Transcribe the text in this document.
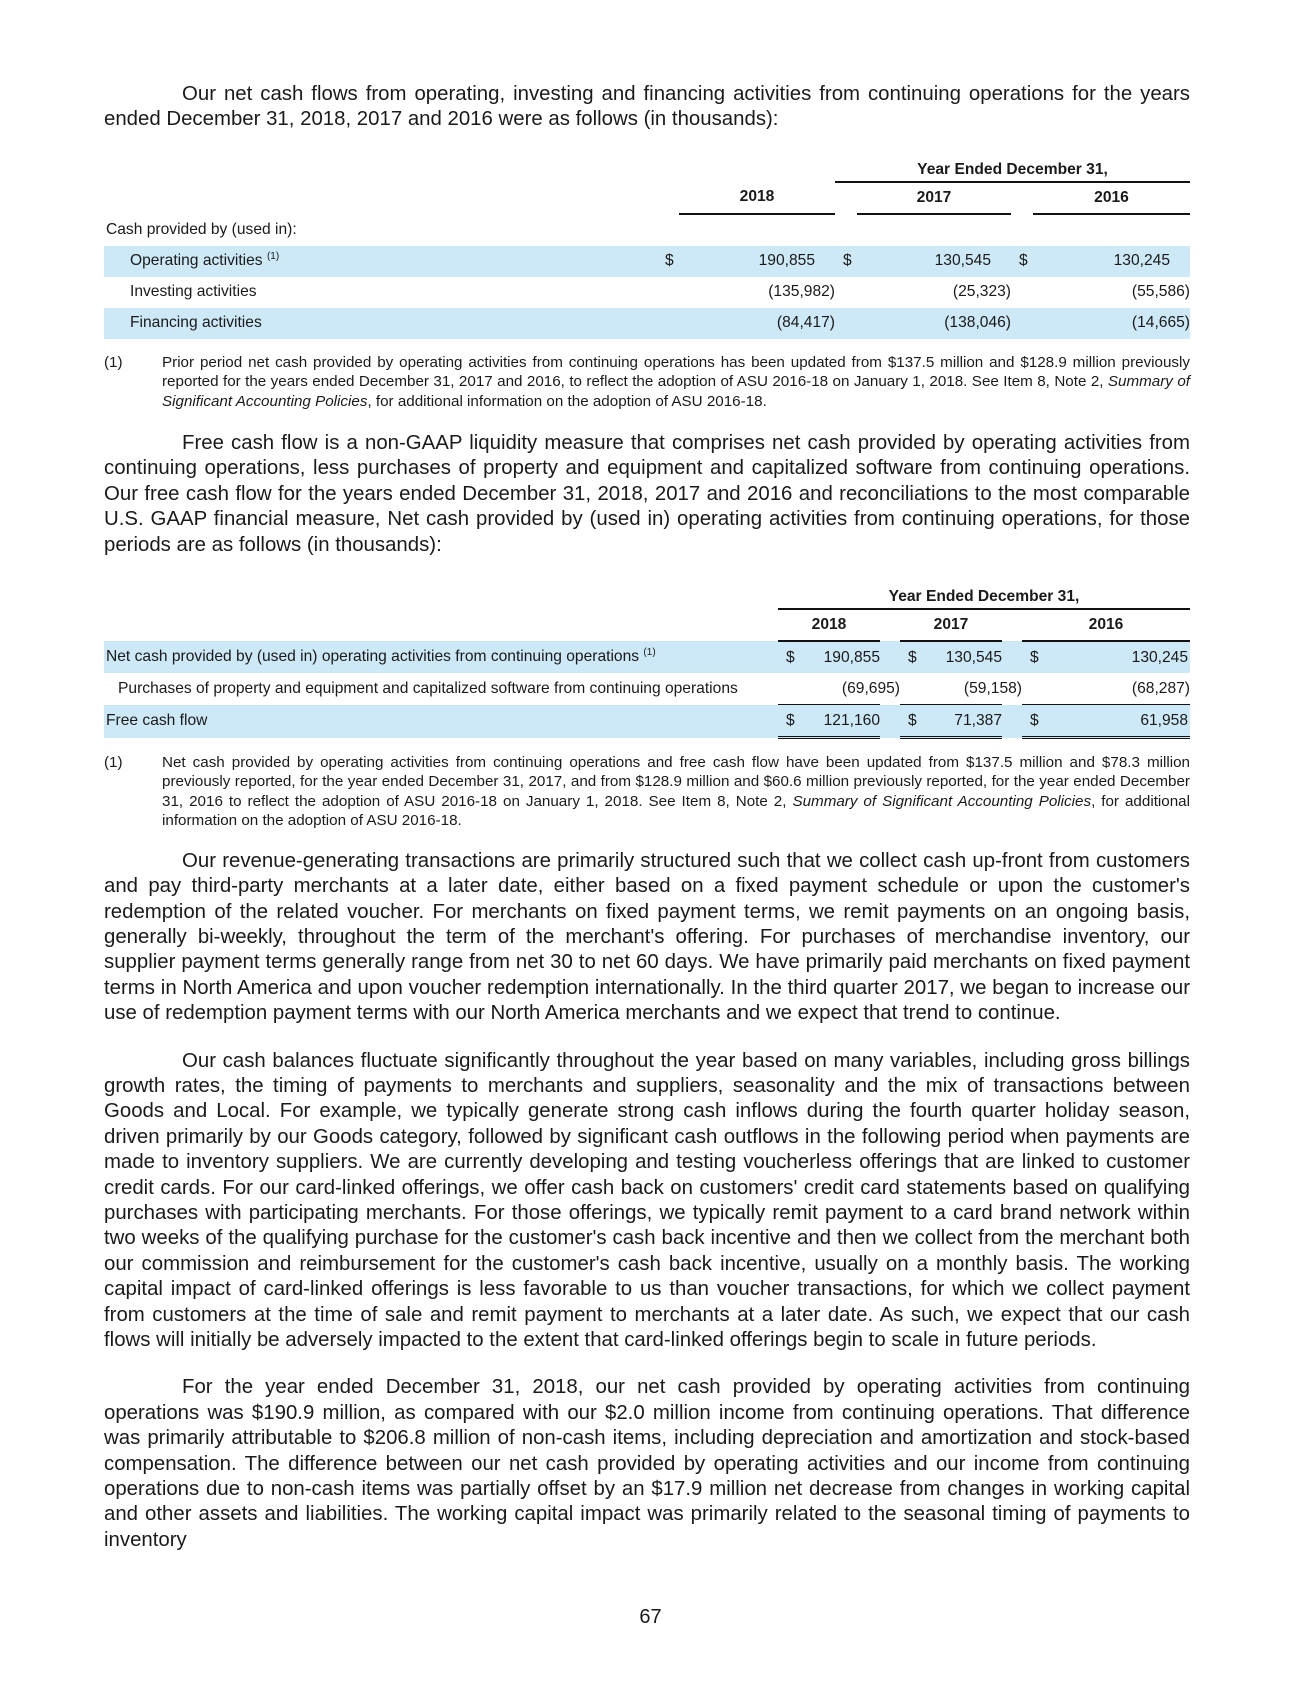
Our net cash flows from operating, investing and financing activities from continuing operations for the years ended December 31, 2018, 2017 and 2016 were as follows (in thousands):

				Year Ended December 31,					
		2018			2017			2016	
Cash provided by (used in):									
Operating activities $^{(1)}$	$	190,855		$	130,545		$	130,245	
Investing activities		(135,982)			(25,323)			(55,586)	
Financing activities		(84,417)			(138,046)			(14,665)	
(1)	Prior period net cash provided by operating activities from continuing operations has been updated from $137.5 million and $128.9 million previously reported for the years ended December 31, 2017 and 2016, to reflect the adoption of ASU 2016-18 on January 1, 2018. See Item 8, Note 2, Summary of Significant Accounting Policies, for additional information on the adoption of ASU 2016-18.

Free cash flow is a non-GAAP liquidity measure that comprises net cash provided by operating activities from continuing operations, less purchases of property and equipment and capitalized software from continuing operations. Our free cash flow for the years ended December 31, 2018, 2017 and 2016 and reconciliations to the most comparable U.S. GAAP financial measure, Net cash provided by (used in) operating activities from continuing operations, for those periods are as follows (in thousands):

	Year Ended December 31,							
	2018			2017			2016	
Net cash provided by (used in) operating activities from continuing operations $^{(1)}$	$	190,855		$	130,545		$	130,245
Purchases of property and equipment and capitalized software from continuing operations		(69,695)			(59,158)			(68,287)
Free cash flow	$	121,160		$	71,387		$	61,958
(1)	Net cash provided by operating activities from continuing operations and free cash flow have been updated from $137.5 million and $78.3 million previously reported, for the year ended December 31, 2017, and from $128.9 million and $60.6 million previously reported, for the year ended December 31, 2016 to reflect the adoption of ASU 2016-18 on January 1, 2018. See Item 8, Note 2, Summary of Significant Accounting Policies, for additional information on the adoption of ASU 2016-18.

Our revenue-generating transactions are primarily structured such that we collect cash up-front from customers and pay third-party merchants at a later date, either based on a fixed payment schedule or upon the customer's redemption of the related voucher. For merchants on fixed payment terms, we remit payments on an ongoing basis, generally bi-weekly, throughout the term of the merchant's offering. For purchases of merchandise inventory, our supplier payment terms generally range from net 30 to net 60 days. We have primarily paid merchants on fixed payment terms in North America and upon voucher redemption internationally. In the third quarter 2017, we began to increase our use of redemption payment terms with our North America merchants and we expect that trend to continue.

Our cash balances fluctuate significantly throughout the year based on many variables, including gross billings growth rates, the timing of payments to merchants and suppliers, seasonality and the mix of transactions between Goods and Local. For example, we typically generate strong cash inflows during the fourth quarter holiday season, driven primarily by our Goods category, followed by significant cash outflows in the following period when payments are made to inventory suppliers. We are currently developing and testing voucherless offerings that are linked to customer credit cards. For our card-linked offerings, we offer cash back on customers' credit card statements based on qualifying purchases with participating merchants. For those offerings, we typically remit payment to a card brand network within two weeks of the qualifying purchase for the customer's cash back incentive and then we collect from the merchant both our commission and reimbursement for the customer's cash back incentive, usually on a monthly basis. The working capital impact of card-linked offerings is less favorable to us than voucher transactions, for which we collect payment from customers at the time of sale and remit payment to merchants at a later date. As such, we expect that our cash flows will initially be adversely impacted to the extent that card-linked offerings begin to scale in future periods.

For the year ended December 31, 2018, our net cash provided by operating activities from continuing operations was $190.9 million, as compared with our $2.0 million income from continuing operations. That difference was primarily attributable to $206.8 million of non-cash items, including depreciation and amortization and stock-based compensation. The difference between our net cash provided by operating activities and our income from continuing operations due to non-cash items was partially offset by an $17.9 million net decrease from changes in working capital and other assets and liabilities. The working capital impact was primarily related to the seasonal timing of payments to inventory

67
